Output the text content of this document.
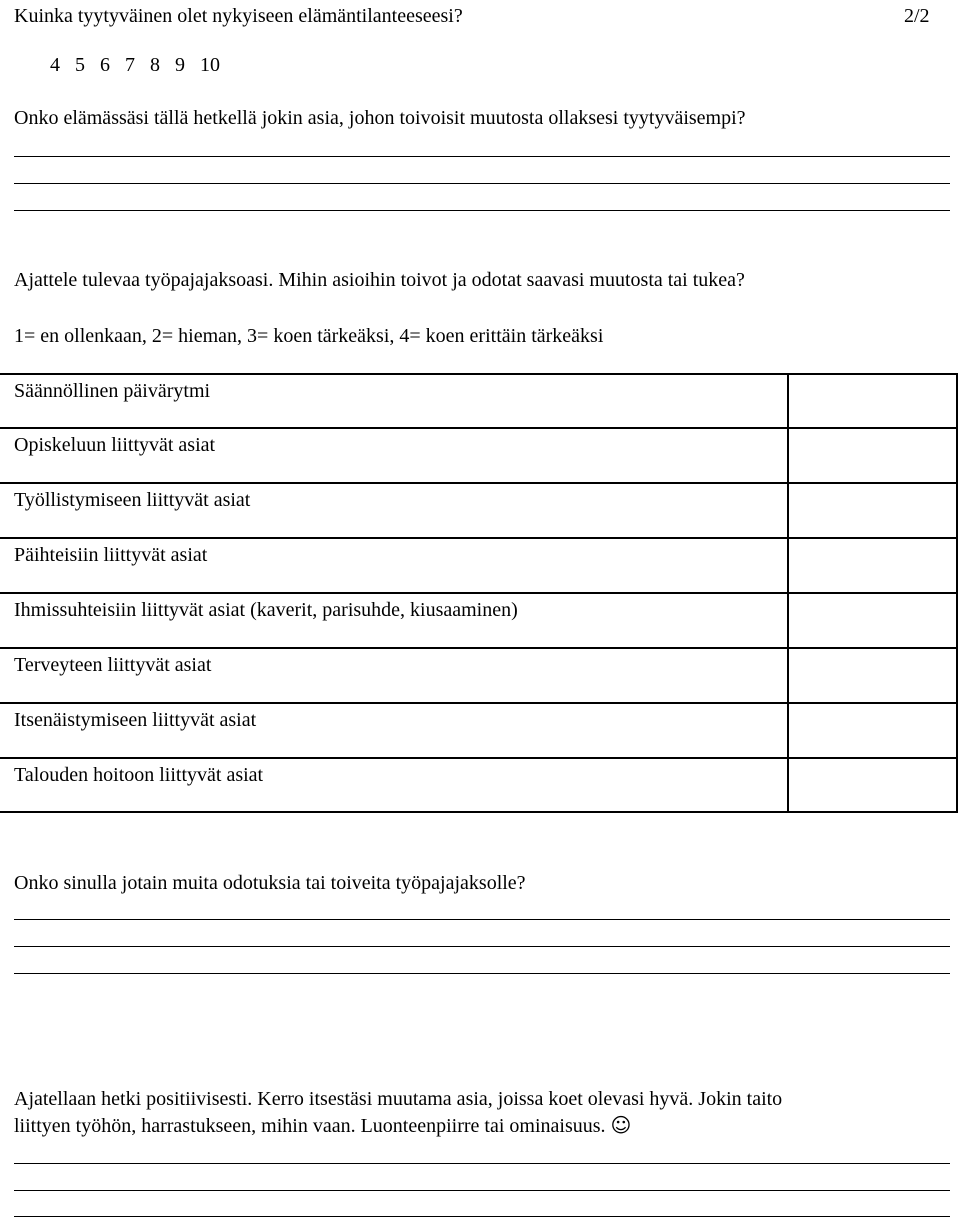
Kuinka tyytyväinen olet nykyiseen elämäntilanteeseesi?	2/2
4 5 6 7 8 9 10
Onko elämässäsi tällä hetkellä jokin asia, johon toivoisit muutosta ollaksesi tyytyväisempi?
Ajattele tulevaa työpajajaksoasi. Mihin asioihin toivot ja odotat saavasi muutosta tai tukea?
1= en ollenkaan, 2= hieman, 3= koen tärkeäksi, 4= koen erittäin tärkeäksi
Säännöllinen päivärytmi
Opiskeluun liittyvät asiat
Työllistymiseen liittyvät asiat
Päihteisiin liittyvät asiat
Ihmissuhteisiin liittyvät asiat (kaverit, parisuhde, kiusaaminen)
Terveyteen liittyvät asiat
Itsenäistymiseen liittyvät asiat
Talouden hoitoon liittyvät asiat
Onko sinulla jotain muita odotuksia tai toiveita työpajajaksolle?
Ajatellaan hetki positiivisesti. Kerro itsestäsi muutama asia, joissa koet olevasi hyvä. Jokin taito
liittyen työhön, harrastukseen, mihin vaan. Luonteenpiirre tai ominaisuus. ☺
